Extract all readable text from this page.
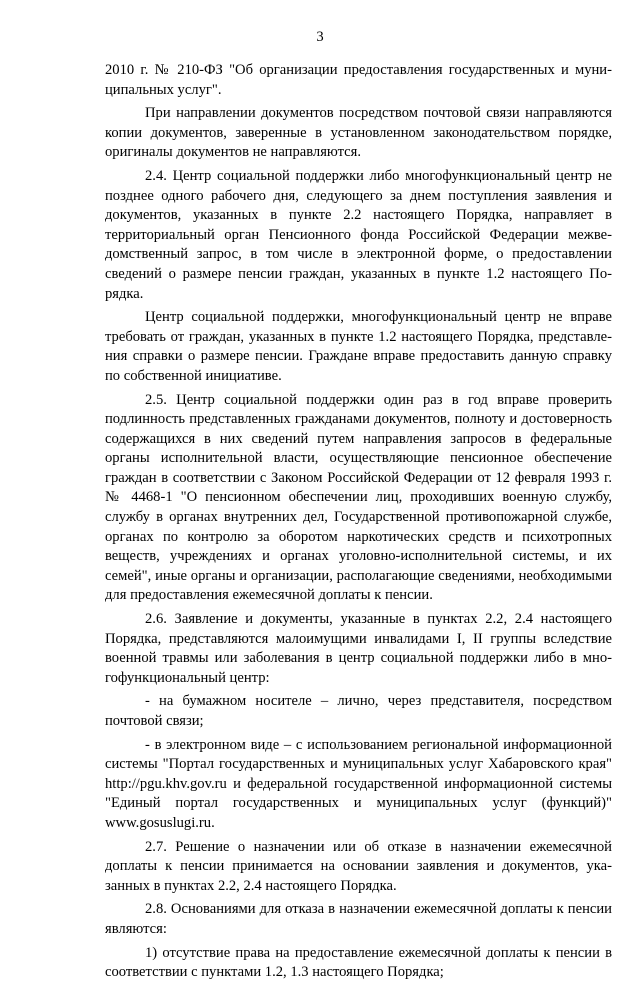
3

2010 г. № 210-ФЗ "Об организации предоставления государственных и муниципальных услуг".

При направлении документов посредством почтовой связи направляются копии документов, заверенные в установленном законодательством порядке, оригиналы документов не направляются.

2.4. Центр социальной поддержки либо многофункциональный центр не позднее одного рабочего дня, следующего за днем поступления заявления и документов, указанных в пункте 2.2 настоящего Порядка, направляет в территориальный орган Пенсионного фонда Российской Федерации межведомственный запрос, в том числе в электронной форме, о предоставлении сведений о размере пенсии граждан, указанных в пункте 1.2 настоящего Порядка.

Центр социальной поддержки, многофункциональный центр не вправе требовать от граждан, указанных в пункте 1.2 настоящего Порядка, представления справки о размере пенсии. Граждане вправе предоставить данную справку по собственной инициативе.

2.5. Центр социальной поддержки один раз в год вправе проверить подлинность представленных гражданами документов, полноту и достоверность содержащихся в них сведений путем направления запросов в федеральные органы исполнительной власти, осуществляющие пенсионное обеспечение граждан в соответствии с Законом Российской Федерации от 12 февраля 1993 г. № 4468-1 "О пенсионном обеспечении лиц, проходивших военную службу, службу в органах внутренних дел, Государственной противопожарной службе, органах по контролю за оборотом наркотических средств и психотропных веществ, учреждениях и органах уголовно-исполнительной системы, и их семей", иные органы и организации, располагающие сведениями, необходимыми для предоставления ежемесячной доплаты к пенсии.

2.6. Заявление и документы, указанные в пунктах 2.2, 2.4 настоящего Порядка, представляются малоимущими инвалидами I, II группы вследствие военной травмы или заболевания в центр социальной поддержки либо в многофункциональный центр:

- на бумажном носителе – лично, через представителя, посредством почтовой связи;

- в электронном виде – с использованием региональной информационной системы "Портал государственных и муниципальных услуг Хабаровского края" http://pgu.khv.gov.ru и федеральной государственной информационной системы "Единый портал государственных и муниципальных услуг (функций)" www.gosuslugi.ru.

2.7. Решение о назначении или об отказе в назначении ежемесячной доплаты к пенсии принимается на основании заявления и документов, указанных в пунктах 2.2, 2.4 настоящего Порядка.

2.8. Основаниями для отказа в назначении ежемесячной доплаты к пенсии являются:

1) отсутствие права на предоставление ежемесячной доплаты к пенсии в соответствии с пунктами 1.2, 1.3 настоящего Порядка;
